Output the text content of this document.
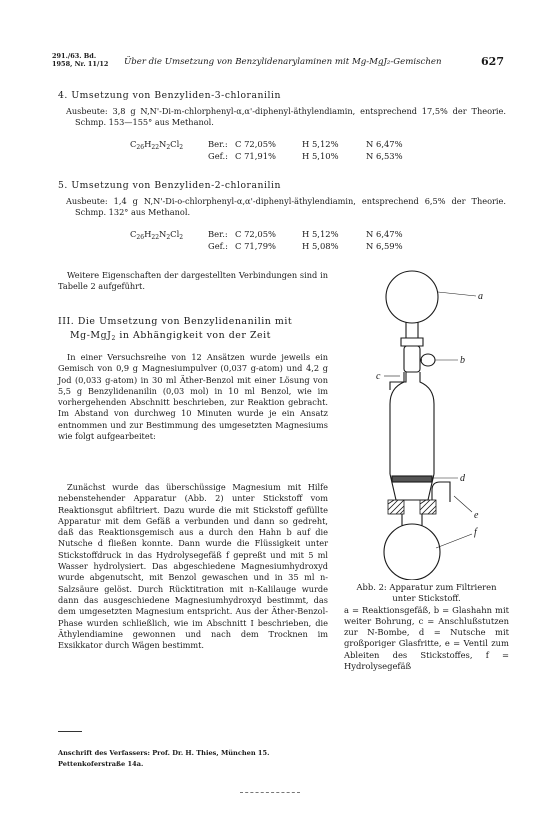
291./63. Bd.
1958, Nr. 11/12 Über die Umsetzung von Benzylidenarylaminen mit Mg-MgJ₂-Gemischen	627
4. Umsetzung von Benzyliden-3-chloranilin
Ausbeute: 3,8 g N,N'-Di-m-chlorphenyl-α,α'-diphenyl-äthylendiamin, entsprechend 17,5% der Theorie. Schmp. 153—155° aus Methanol.
$C_{26}H_{22}N_2Cl_2$	Ber.: C 72,05%	H 5,12%	N 6,47%
Gef.: C 71,91%	H 5,10%	N 6,53%
5. Umsetzung von Benzyliden-2-chloranilin
Ausbeute: 1,4 g N,N'-Di-o-chlorphenyl-α,α'-diphenyl-äthylendiamin, entsprechend 6,5% der Theorie. Schmp. 132° aus Methanol.
$C_{26}H_{22}N_2Cl_2$	Ber.: C 72,05%	H 5,12%	N 6,47%
Gef.: C 71,79%	H 5,08%	N 6,59%
Weitere Eigenschaften der dargestellten Verbindungen sind in Tabelle 2 aufgeführt.
III. Die Umsetzung von Benzylidenanilin mit
Mg-MgJ$_2$ in Abhängigkeit von der Zeit
In einer Versuchsreihe von 12 Ansätzen wurde jeweils ein Gemisch von 0,9 g Magnesiumpulver (0,037 g-atom) und 4,2 g Jod (0,033 g-atom) in 30 ml Äther-Benzol mit einer Lösung von 5,5 g Benzylidenanilin (0,03 mol) in 10 ml Benzol, wie im vorhergehenden Abschnitt beschrieben, zur Reaktion gebracht. Im Abstand von durchweg 10 Minuten wurde je ein Ansatz entnommen und zur Bestimmung des umgesetzten Magnesiums wie folgt aufgearbeitet:
Zunächst wurde das überschüssige Magnesium mit Hilfe nebenstehender Apparatur (Abb. 2) unter Stickstoff vom Reaktionsgut abfiltriert. Dazu wurde die mit Stickstoff gefüllte Apparatur mit dem Gefäß a verbunden und dann so gedreht, daß das Reaktionsgemisch aus a durch den Hahn b auf die Nutsche d fließen konnte. Dann wurde die Flüssigkeit unter Stickstoffdruck in das Hydrolysegefäß f gepreßt und mit 5 ml Wasser hydrolysiert. Das abgeschiedene Magnesiumhydroxyd wurde abgenutscht, mit Benzol gewaschen und in 35 ml n-Salzsäure gelöst. Durch Rücktitration mit n-Kalilauge wurde dann das ausgeschiedene Magnesiumhydroxyd bestimmt, das dem umgesetzten Magnesium entspricht. Aus der Äther-Benzol-Phase wurden schließlich, wie im Abschnitt I beschrieben, die Äthylendiamine gewonnen und nach dem Trocknen im Exsikkator durch Wägen bestimmt.
a
b
c
d
e
f
Abb. 2: Apparatur zum Filtrieren unter Stickstoff.
a = Reaktionsgefäß, b = Glashahn mit weiter Bohrung, c = Anschlußstutzen zur N-Bombe, d = Nutsche mit großporiger Glasfritte, e = Ventil zum Ableiten des Stickstoffes, f = Hydrolysegefäß
Anschrift des Verfassers: Prof. Dr. H. Thies, München 15.
Pettenkoferstraße 14a.
